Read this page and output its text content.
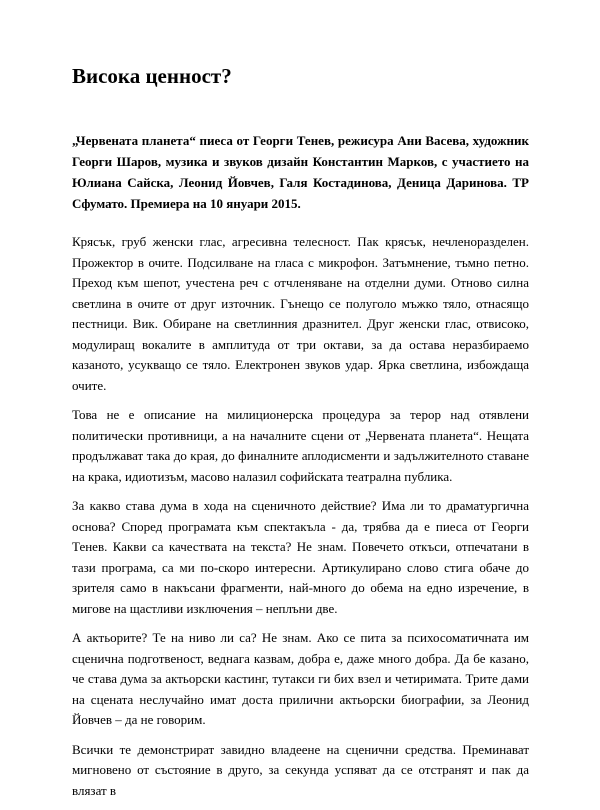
Висока ценност?

„Червената планета“ пиеса от Георги Тенев, режисура Ани Васева, художник Георги Шаров, музика и звуков дизайн Константин Марков, с участието на Юлиана Сайска, Леонид Йовчев, Галя Костадинова, Деница Даринова. ТР Сфумато. Премиера на 10 януари 2015.

Крясък, груб женски глас, агресивна телесност. Пак крясък, нечленоразделен. Прожектор в очите. Подсилване на гласа с микрофон. Затъмнение, тъмно петно. Преход към шепот, учестена реч с отчленяване на отделни думи. Отново силна светлина в очите от друг източник. Гънещо се полуголо мъжко тяло, отнасящо пестници. Вик. Обиране на светлинния дразнител. Друг женски глас, отвисоко, модулиращ вокалите в амплитуда от три октави, за да остава неразбираемо казаното, усукващо се тяло. Електронен звуков удар. Ярка светлина, избождаща очите.

Това не е описание на милиционерска процедура за терор над отявлени политически противници, а на началните сцени от „Червената планета“. Нещата продължават така до края, до финалните аплодисменти и задължителното ставане на крака, идиотизъм, масово налазил софийската театрална публика.

За какво става дума в хода на сценичното действие? Има ли то драматургична основа? Според програмата към спектакъла - да, трябва да е пиеса от Георги Тенев. Какви са качествата на текста? Не знам. Повечето откъси, отпечатани в тази програма, са ми по-скоро интересни. Артикулирано слово стига обаче до зрителя само в накъсани фрагменти, най-много до обема на едно изречение, в мигове на щастливи изключения – неплъни две.

А актьорите? Те на ниво ли са? Не знам. Ако се пита за психосоматичната им сценична подготвеност, веднага казвам, добра е, даже много добра. Да бе казано, че става дума за актьорски кастинг, тутакси ги бих взел и четиримата. Трите дами на сцената неслучайно имат доста прилични актьорски биографии, за Леонид Йовчев – да не говорим.

Всички те демонстрират завидно владеене на сценични средства. Преминават мигновено от състояние в друго, за секунда успяват да се отстранят и пак да влязат в
